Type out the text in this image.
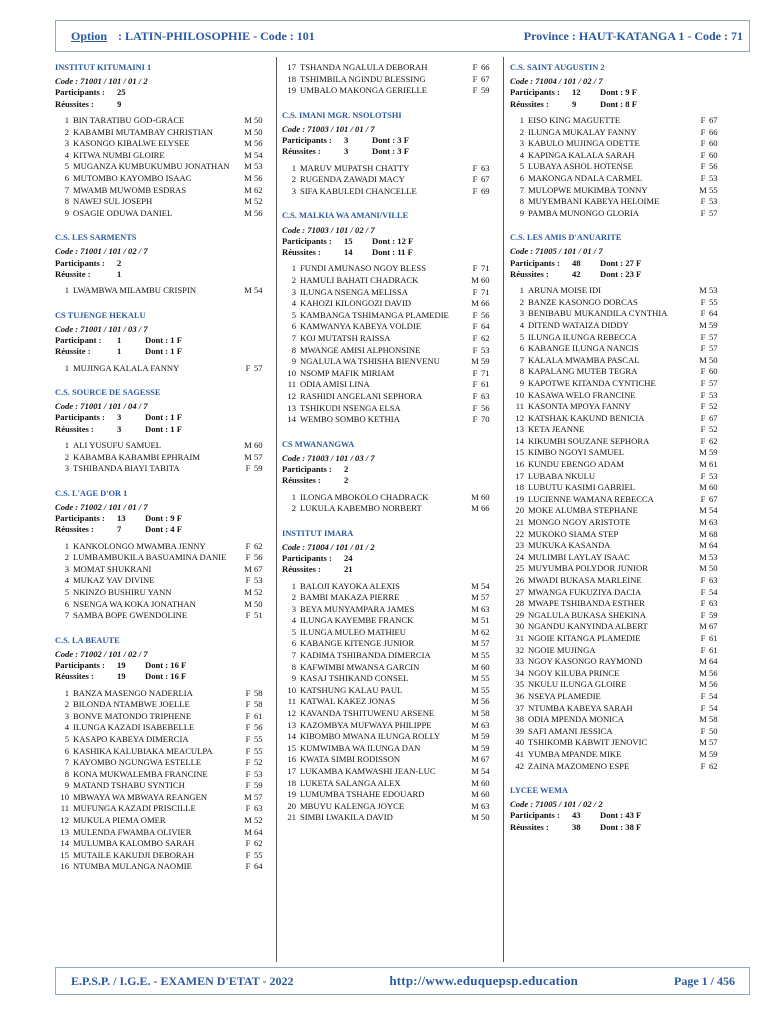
Option : LATIN-PHILOSOPHIE - Code : 101	Province : HAUT-KATANGA 1 - Code : 71
INSTITUT KITUMAINI 1
Code : 71001 / 101 / 01 / 2
Participants :	25
Réussites :	9
1 BIN TARATIBU GOD-GRACE	M 50
2 KABAMBI MUTAMBAY CHRISTIAN	M 50
3 KASONGO KIBALWE ELYSEE	M 56
4 KITWA NUMBI GLOIRE	M 54
5 MUGANZA KUMBUKUMBU JONATHAN	M 53
6 MUTOMBO KAYOMBO ISAAC	M 56
7 MWAMB MUWOMB ESDRAS	M 62
8 NAWEJ SUL JOSEPH	M 52
9 OSAGIE ODUWA DANIEL	M 56
C.S. LES SARMENTS
Code : 71001 / 101 / 02 / 7
Participants :	2
Réussite :	1
1 LWAMBWA MILAMBU CRISPIN	M 54
CS TUJENGE HEKALU
Code : 71001 / 101 / 03 / 7
Participant :	1	Dont : 1 F
Réussite :	1	Dont : 1 F
1 MUJINGA KALALA FANNY	F 57
C.S. SOURCE DE SAGESSE
Code : 71001 / 101 / 04 / 7
Participants :	3	Dont : 1 F
Réussites :	3	Dont : 1 F
1 ALI YUSUFU SAMUEL	M 60
2 KABAMBA KABAMBI EPHRAIM	M 57
3 TSHIBANDA BIAYI TABITA	F 59
C.S. L'AGE D'OR 1
Code : 71002 / 101 / 01 / 7
Participants :	13	Dont : 9 F
Réussites :	7	Dont : 4 F
1 KANKOLONGO MWAMBA JENNY	F 62
2 LUMBAMBUKILA BASUAMINA DANIE	F 56
3 MOMAT SHUKRANI	M 67
4 MUKAZ YAV DIVINE	F 53
5 NKINZO BUSHIRU YANN	M 52
6 NSENGA WA KOKA JONATHAN	M 50
7 SAMBA BOPE GWENDOLINE	F 51
C.S. LA BEAUTE
Code : 71002 / 101 / 02 / 7
Participants :	19	Dont : 16 F
Réussites :	19	Dont : 16 F
1 BANZA MASENGO NADERLIA	F 58
2 BILONDA NTAMBWE JOELLE	F 58
3 BONVE MATONDO TRIPHENE	F 61
4 ILUNGA KAZADI ISABEBELLE	F 56
5 KASAPO KABEYA DIMERCIA	F 55
6 KASHIKA KALUBIAKA MEACULPA	F 55
7 KAYOMBO NGUNGWA ESTELLE	F 52
8 KONA MUKWALEMBA FRANCINE	F 53
9 MATAND TSHABU SYNTICH	F 59
10 MBWAYA WA MBWAYA REANGEN	M 57
11 MUFUNGA KAZADI PRISCILLE	F 63
12 MUKULA PIEMA OMER	M 52
13 MULENDA FWAMBA OLIVIER	M 64
14 MULUMBA KALOMBO SARAH	F 62
15 MUTAILE KAKUDJI DEBORAH	F 55
16 NTUMBA MULANGA NAOMIE	F 64
17 TSHANDA NGALULA DEBORAH	F 66
18 TSHIMBILA NGINDU BLESSING	F 67
19 UMBALO MAKONGA GERIELLE	F 59
C.S. IMANI MGR. NSOLOTSHI
Code : 71003 / 101 / 01 / 7
Participants :	3	Dont : 3 F
Réussites :	3	Dont : 3 F
1 MARUV MUPATSH CHATTY	F 63
2 RUGENDA ZAWADI MACY	F 67
3 SIFA KABULEDI CHANCELLE	F 69
C.S. MALKIA WA AMANI/VILLE
Code : 71003 / 101 / 02 / 7
Participants :	15	Dont : 12 F
Réussites :	14	Dont : 11 F
1 FUNDI AMUNASO NGOY BLESS	F 71
2 HAMULI BAHATI CHADRACK	M 60
3 ILUNGA NSENGA MELISSA	F 71
4 KAHOZI KILONGOZI DAVID	M 66
5 KAMBANGA TSHIMANGA PLAMEDIE	F 56
6 KAMWANYA KABEYA VOLDIE	F 64
7 KOJ MUTATSH RAISSA	F 62
8 MWANGE AMISI ALPHONSINE	F 53
9 NGALULA WA TSHISHA BIENVENU	M 59
10 NSOMP MAFIK MIRIAM	F 71
11 ODIA AMISI LINA	F 61
12 RASHIDI ANGELANI SEPHORA	F 63
13 TSHIKUDI NSENGA ELSA	F 56
14 WEMBO SOMBO KETHIA	F 70
CS MWANANGWA
Code : 71003 / 101 / 03 / 7
Participants :	2
Réussites :	2
1 ILONGA MBOKOLO CHADRACK	M 60
2 LUKULA KABEMBO NORBERT	M 66
INSTITUT IMARA
Code : 71004 / 101 / 01 / 2
Participants :	24
Réussites :	21
1 BALOJI KAYOKA ALEXIS	M 54
2 BAMBI MAKAZA PIERRE	M 57
3 BEYA MUNYAMPARA JAMES	M 63
4 ILUNGA KAYEMBE FRANCK	M 51
5 ILUNGA MULEO MATHIEU	M 62
6 KABANGE KITENGE JUNIOR	M 57
7 KADIMA TSHIBANDA DIMERCIA	M 55
8 KAFWIMBI MWANSA GARCIN	M 60
9 KASAJ TSHIKAND CONSEL	M 55
10 KATSHUNG KALAU PAUL	M 55
11 KATWAL KAKEZ JONAS	M 56
12 KAVANDA TSHITUWENU ARSENE	M 58
13 KAZOMBYA MUFWAYA PHILIPPE	M 63
14 KIBOMBO MWANA ILUNGA ROLLY	M 59
15 KUMWIMBA WA ILUNGA DAN	M 59
16 KWATA SIMBI RODISSON	M 67
17 LUKAMBA KAMWASHI JEAN-LUC	M 54
18 LUKETA SALANGA ALEX	M 60
19 LUMUMBA TSHAHE EDOUARD	M 60
20 MBUYU KALENGA JOYCE	M 63
21 SIMBI LWAKILA DAVID	M 50
C.S. SAINT AUGUSTIN 2
Code : 71004 / 101 / 02 / 7
Participants :	12	Dont : 9 F
Réussites :	9	Dont : 8 F
1 EISO KING MAGUETTE	F 67
2 ILUNGA MUKALAY FANNY	F 66
3 KABULO MUJINGA ODETTE	F 60
4 KAPINGA KALALA SARAH	F 60
5 LUBAYA ASHOL HOTENSE	F 56
6 MAKONGA NDALA CARMEL	F 53
7 MULOPWE MUKIMBA TONNY	M 55
8 MUYEMBANI KABEYA HELOIME	F 53
9 PAMBA MUNONGO GLORIA	F 57
C.S. LES AMIS D'ANUARITE
Code : 71005 / 101 / 01 / 7
Participants :	48	Dont : 27 F
Réussites :	42	Dont : 23 F
1 ARUNA MOISE IDI	M 53
2 BANZE KASONGO DORCAS	F 55
3 BENIBABU MUKANDILA CYNTHIA	F 64
4 DITEND WATAIZA DIDDY	M 59
5 ILUNGA ILUNGA REBECCA	F 57
6 KABANGE ILUNGA NANCIS	F 57
7 KALALA MWAMBA PASCAL	M 50
8 KAPALANG MUTEB TEGRA	F 60
9 KAPOTWE KITANDA CYNTICHE	F 57
10 KASAWA WELO FRANCINE	F 53
11 KASONTA MPOYA FANNY	F 52
12 KATSHAK KAKUND BENICIA	F 67
13 KETA JEANNE	F 52
14 KIKUMBI SOUZANE SEPHORA	F 62
15 KIMBO NGOYI SAMUEL	M 59
16 KUNDU EBENGO ADAM	M 61
17 LUBABA NKULU	F 53
18 LUBUTU KASIMI GABRIEL	M 60
19 LUCIENNE WAMANA REBECCA	F 67
20 MOKE ALUMBA STEPHANE	M 54
21 MONGO NGOY ARISTOTE	M 63
22 MUKOKO SIAMA STEP	M 68
23 MUKUKA KASANDA	M 64
24 MULIMBI LAYLAY ISAAC	M 53
25 MUYUMBA POLYDOR JUNIOR	M 50
26 MWADI BUKASA MARLEINE	F 63
27 MWANGA FUKUZIYA DACIA	F 54
28 MWAPE TSHIBANDA ESTHER	F 63
29 NGALULA BUKASA SHEKINA	F 59
30 NGANDU KANYINDA ALBERT	M 67
31 NGOIE KITANGA PLAMEDIE	F 61
32 NGOIE MUJINGA	F 61
33 NGOY KASONGO RAYMOND	M 64
34 NGOY KILUBA PRINCE	M 56
35 NKULU ILUNGA GLOIRE	M 56
36 NSEYA PLAMEDIE	F 54
37 NTUMBA KABEYA SARAH	F 54
38 ODIA MPENDA MONICA	M 58
39 SAFI AMANI JESSICA	F 50
40 TSHIKOMB KABWIT JENOVIC	M 57
41 YUMBA MPANDE MIKE	M 59
42 ZAINA MAZOMENO ESPE	F 62
LYCEE WEMA
Code : 71005 / 101 / 02 / 2
Participants :	43	Dont : 43 F
Réussites :	38	Dont : 38 F
E.P.S.P. / I.G.E. - EXAMEN D'ETAT - 2022	http://www.eduquepsp.education	Page 1 / 456
